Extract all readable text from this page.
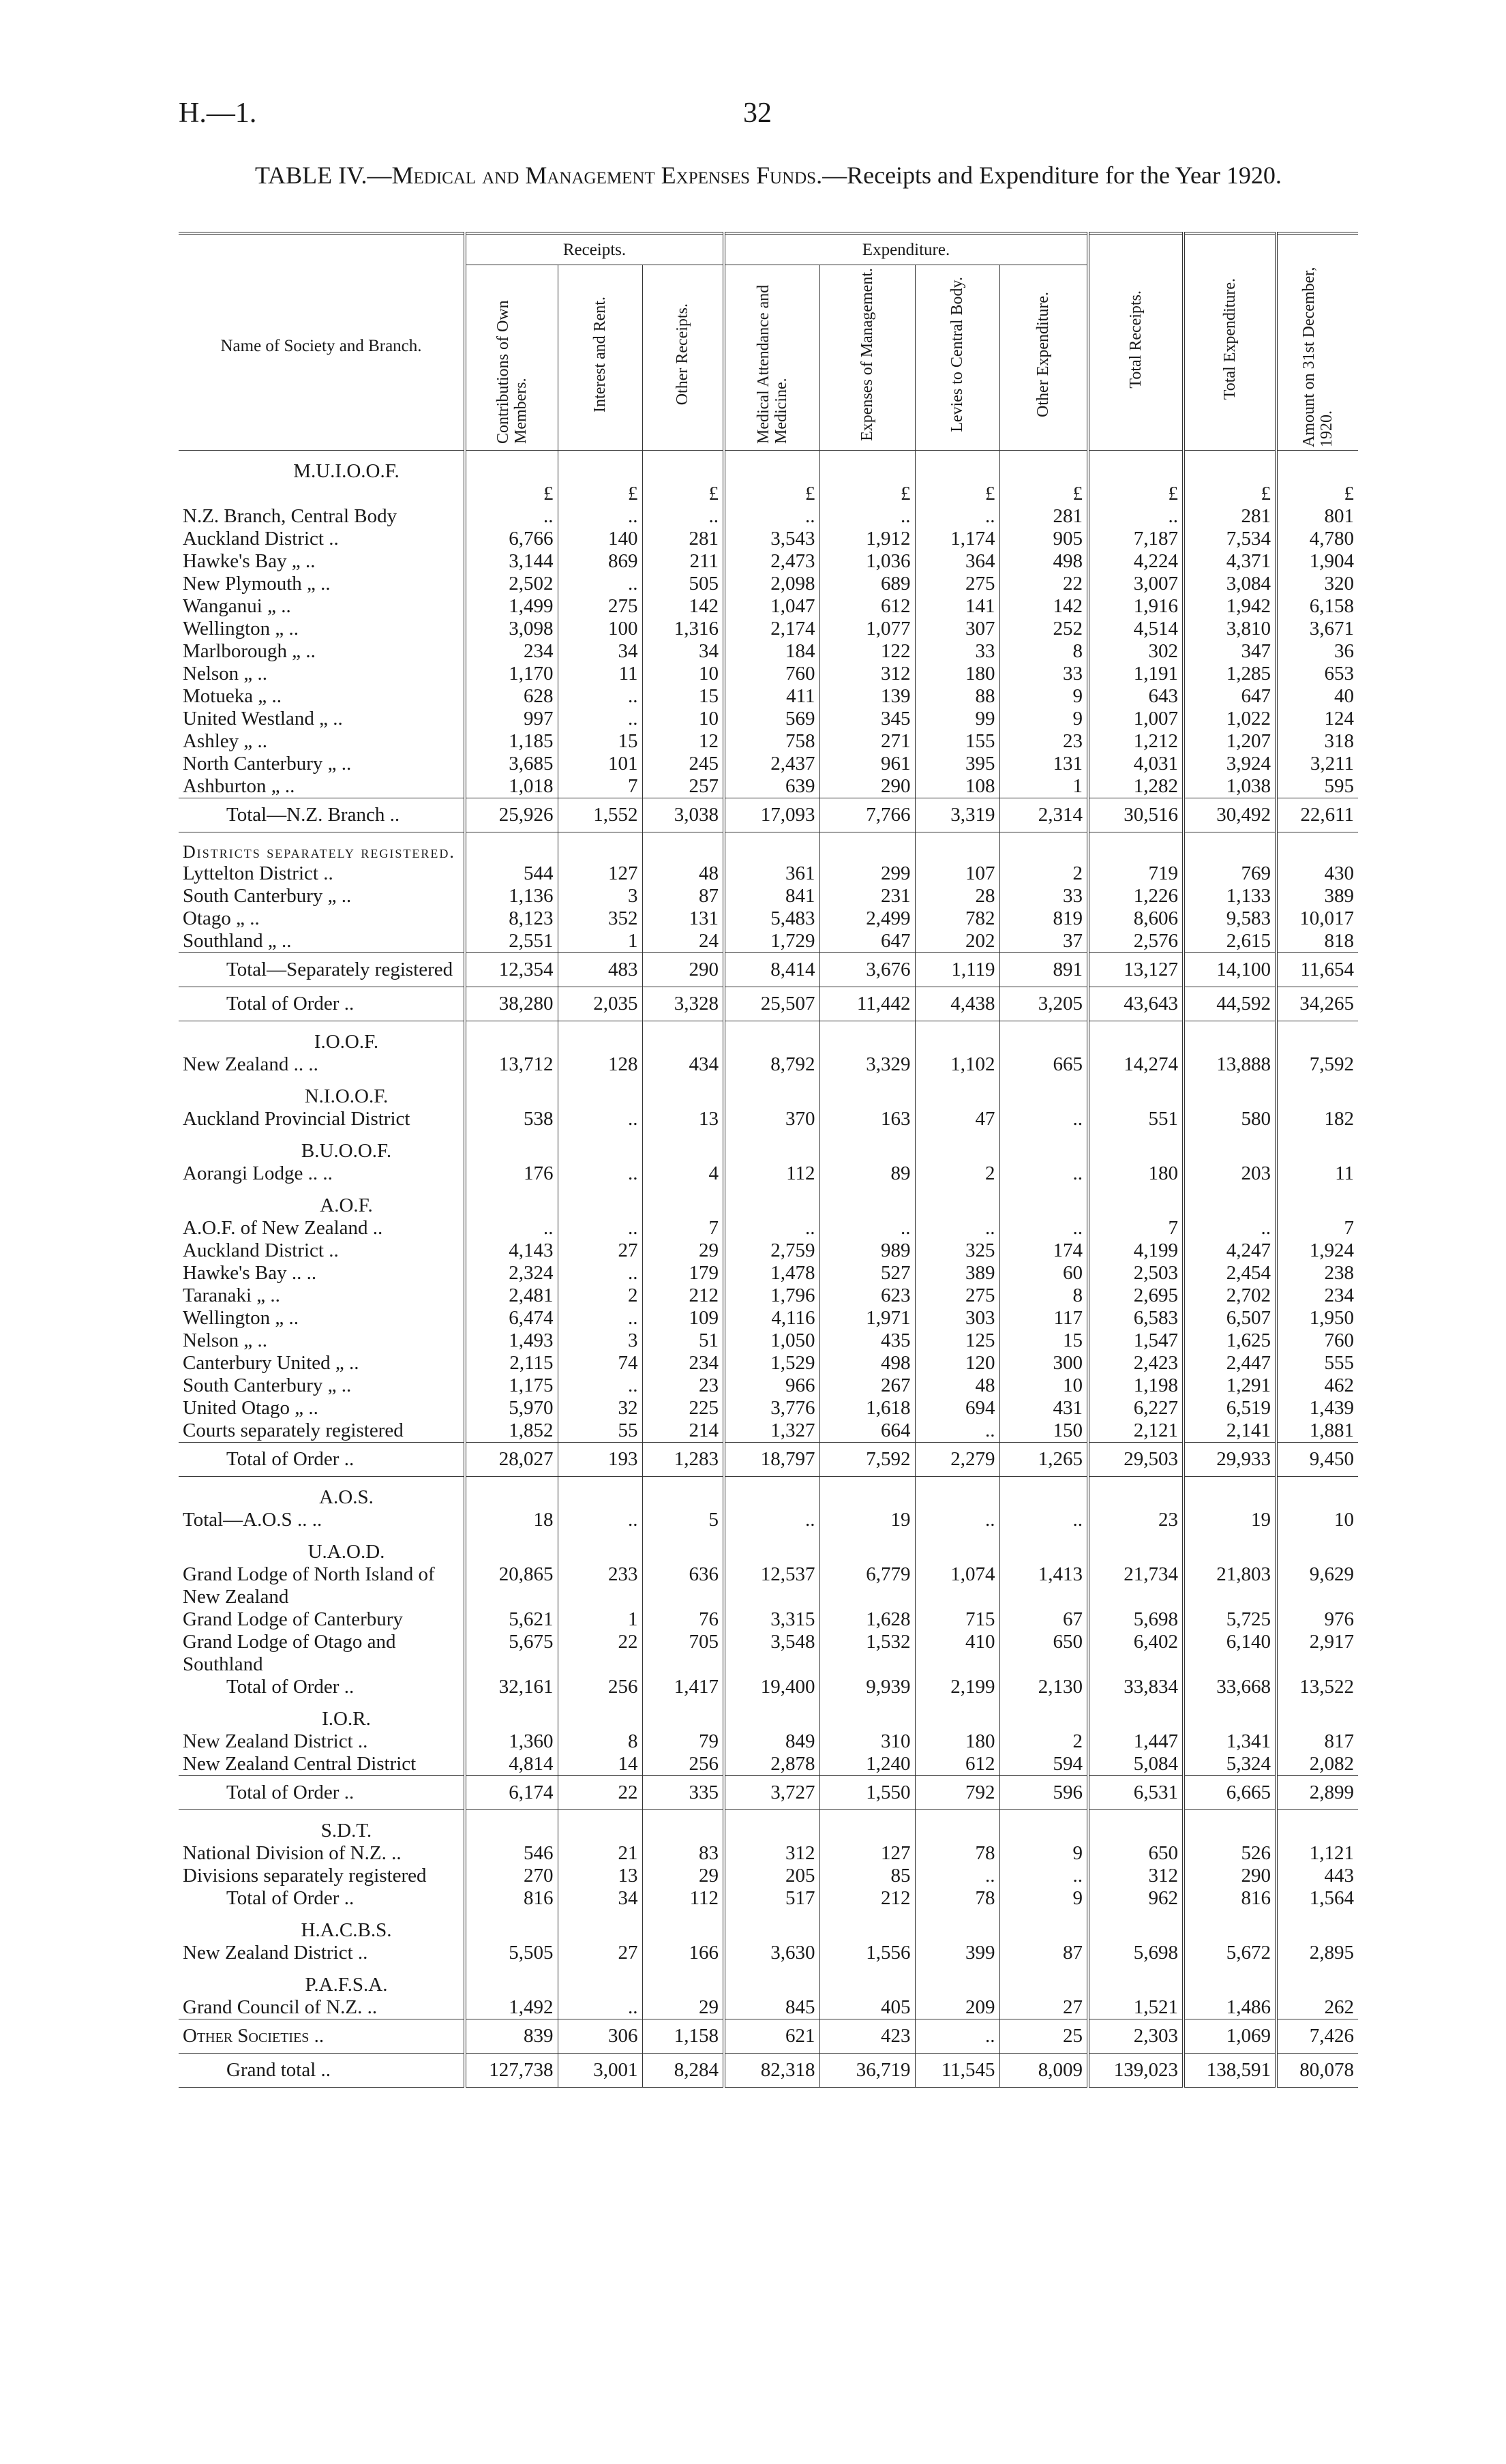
H.—1.	32
TABLE IV.—Medical and Management Expenses Funds.—Receipts and Expenditure for the Year 1920.
Name of Society and Branch.	Receipts.			Expenditure.				Total Receipts.	Total Expenditure.	Amount on 31st December, 1920.
	Contributions of Own Members.	Interest and Rent.	Other Receipts.	Medical Attendance and Medicine.	Expenses of Management.	Levies to Central Body.	Other Expenditure.			
M.U.I.O.O.F.										
	£	£	£	£	£	£	£	£	£	£
N.Z. Branch, Central Body	..	..	..	..	..	..	281	..	281	801
Auckland District ..	6,766	140	281	3,543	1,912	1,174	905	7,187	7,534	4,780
Hawke's Bay „ ..	3,144	869	211	2,473	1,036	364	498	4,224	4,371	1,904
New Plymouth „ ..	2,502	..	505	2,098	689	275	22	3,007	3,084	320
Wanganui „ ..	1,499	275	142	1,047	612	141	142	1,916	1,942	6,158
Wellington „ ..	3,098	100	1,316	2,174	1,077	307	252	4,514	3,810	3,671
Marlborough „ ..	234	34	34	184	122	33	8	302	347	36
Nelson „ ..	1,170	11	10	760	312	180	33	1,191	1,285	653
Motueka „ ..	628	..	15	411	139	88	9	643	647	40
United Westland „ ..	997	..	10	569	345	99	9	1,007	1,022	124
Ashley „ ..	1,185	15	12	758	271	155	23	1,212	1,207	318
North Canterbury „ ..	3,685	101	245	2,437	961	395	131	4,031	3,924	3,211
Ashburton „ ..	1,018	7	257	639	290	108	1	1,282	1,038	595
Total—N.Z. Branch ..	25,926	1,552	3,038	17,093	7,766	3,319	2,314	30,516	30,492	22,611
Districts separately registered.										
Lyttelton District ..	544	127	48	361	299	107	2	719	769	430
South Canterbury „ ..	1,136	3	87	841	231	28	33	1,226	1,133	389
Otago „ ..	8,123	352	131	5,483	2,499	782	819	8,606	9,583	10,017
Southland „ ..	2,551	1	24	1,729	647	202	37	2,576	2,615	818
Total—Separately registered	12,354	483	290	8,414	3,676	1,119	891	13,127	14,100	11,654
Total of Order ..	38,280	2,035	3,328	25,507	11,442	4,438	3,205	43,643	44,592	34,265
I.O.O.F.										
New Zealand .. ..	13,712	128	434	8,792	3,329	1,102	665	14,274	13,888	7,592
N.I.O.O.F.										
Auckland Provincial District	538	..	13	370	163	47	..	551	580	182
B.U.O.O.F.										
Aorangi Lodge .. ..	176	..	4	112	89	2	..	180	203	11
A.O.F.										
A.O.F. of New Zealand ..	..	..	7	..	..	..	..	7	..	7
Auckland District ..	4,143	27	29	2,759	989	325	174	4,199	4,247	1,924
Hawke's Bay .. ..	2,324	..	179	1,478	527	389	60	2,503	2,454	238
Taranaki „ ..	2,481	2	212	1,796	623	275	8	2,695	2,702	234
Wellington „ ..	6,474	..	109	4,116	1,971	303	117	6,583	6,507	1,950
Nelson „ ..	1,493	3	51	1,050	435	125	15	1,547	1,625	760
Canterbury United „ ..	2,115	74	234	1,529	498	120	300	2,423	2,447	555
South Canterbury „ ..	1,175	..	23	966	267	48	10	1,198	1,291	462
United Otago „ ..	5,970	32	225	3,776	1,618	694	431	6,227	6,519	1,439
Courts separately registered	1,852	55	214	1,327	664	..	150	2,121	2,141	1,881
Total of Order ..	28,027	193	1,283	18,797	7,592	2,279	1,265	29,503	29,933	9,450
A.O.S.										
Total—A.O.S .. ..	18	..	5	..	19	..	..	23	19	10
U.A.O.D.										
Grand Lodge of North Island of New Zealand	20,865	233	636	12,537	6,779	1,074	1,413	21,734	21,803	9,629
Grand Lodge of Canterbury	5,621	1	76	3,315	1,628	715	67	5,698	5,725	976
Grand Lodge of Otago and Southland	5,675	22	705	3,548	1,532	410	650	6,402	6,140	2,917
Total of Order ..	32,161	256	1,417	19,400	9,939	2,199	2,130	33,834	33,668	13,522
I.O.R.										
New Zealand District ..	1,360	8	79	849	310	180	2	1,447	1,341	817
New Zealand Central District	4,814	14	256	2,878	1,240	612	594	5,084	5,324	2,082
Total of Order ..	6,174	22	335	3,727	1,550	792	596	6,531	6,665	2,899
S.D.T.										
National Division of N.Z. ..	546	21	83	312	127	78	9	650	526	1,121
Divisions separately registered	270	13	29	205	85	..	..	312	290	443
Total of Order ..	816	34	112	517	212	78	9	962	816	1,564
H.A.C.B.S.										
New Zealand District ..	5,505	27	166	3,630	1,556	399	87	5,698	5,672	2,895
P.A.F.S.A.										
Grand Council of N.Z. ..	1,492	..	29	845	405	209	27	1,521	1,486	262
Other Societies ..	839	306	1,158	621	423	..	25	2,303	1,069	7,426
Grand total ..	127,738	3,001	8,284	82,318	36,719	11,545	8,009	139,023	138,591	80,078
